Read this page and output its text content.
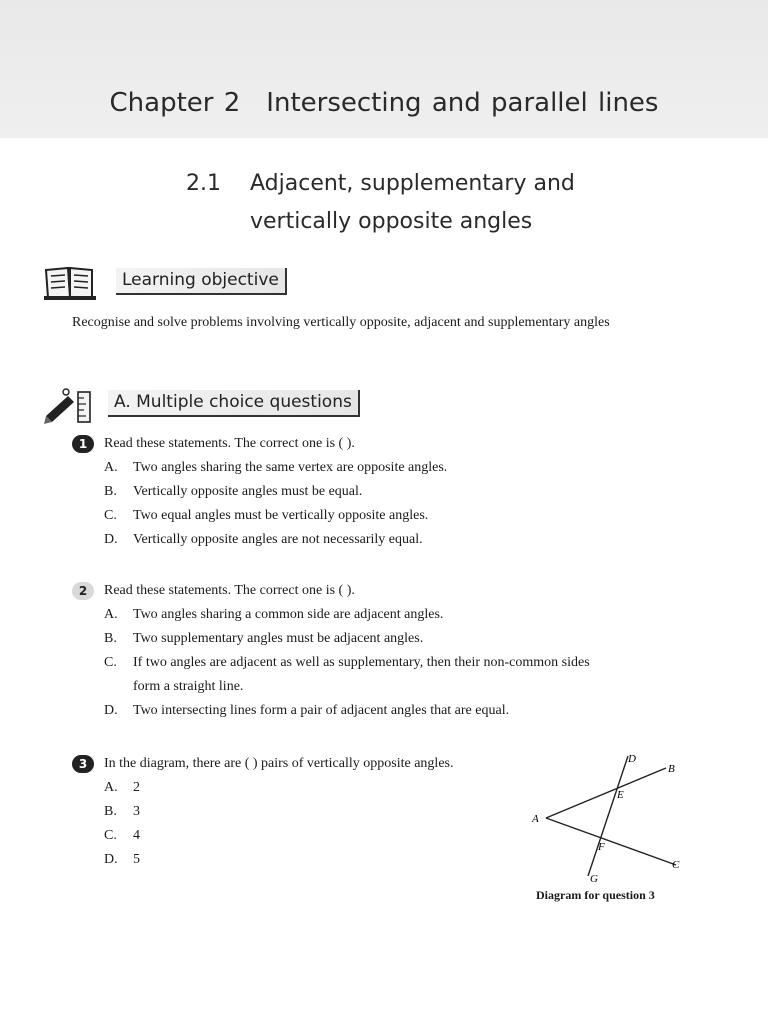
Chapter 2 Intersecting and parallel lines
2.1 Adjacent, supplementary and
vertically opposite angles
Learning objective
Recognise and solve problems involving vertically opposite, adjacent and supplementary angles
A. Multiple choice questions
1	Read these statements. The correct one is ( ).
A. Two angles sharing the same vertex are opposite angles.
B. Vertically opposite angles must be equal.
C. Two equal angles must be vertically opposite angles.
D. Vertically opposite angles are not necessarily equal.
2	Read these statements. The correct one is ( ).
A. Two angles sharing a common side are adjacent angles.
B. Two supplementary angles must be adjacent angles.
C. If two angles are adjacent as well as supplementary, then their non-common sides
form a straight line.
D. Two intersecting lines form a pair of adjacent angles that are equal.
3	In the diagram, there are ( ) pairs of vertically opposite angles.
A. 2
B. 3
C. 4
D. 5
A
B
C
D
E
F
G
Diagram for question 3
